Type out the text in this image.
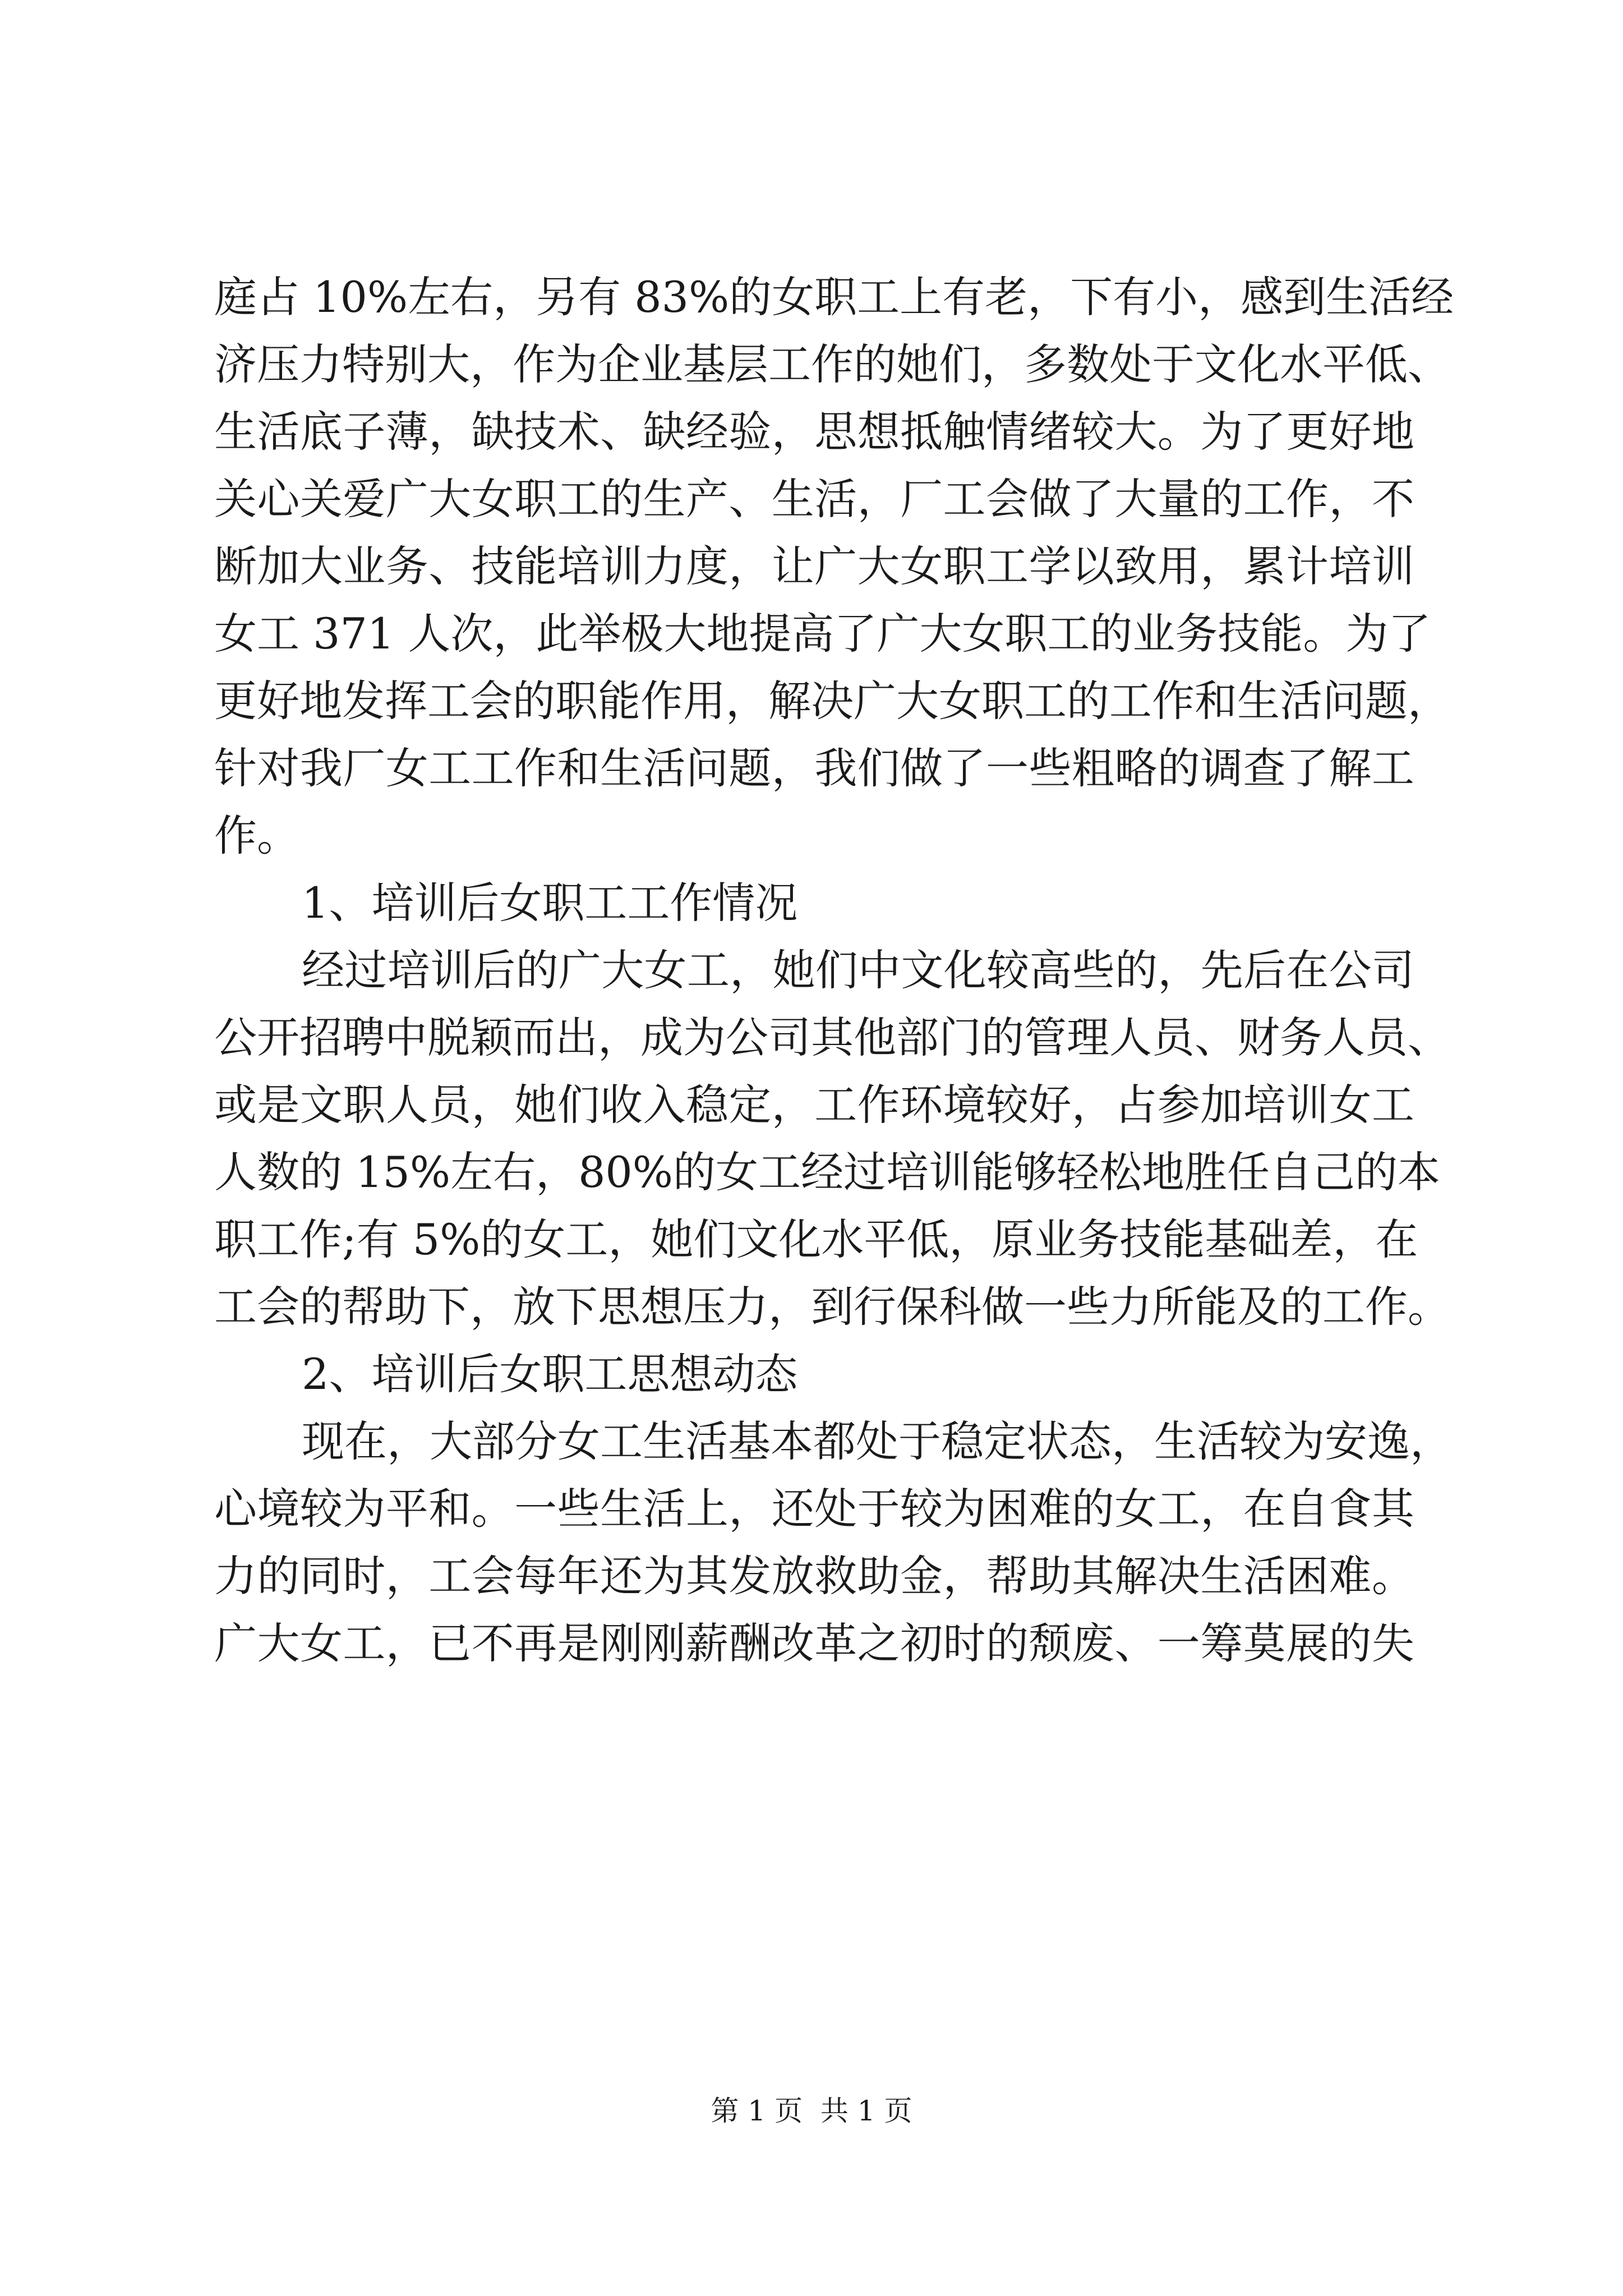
庭占 10%左右，另有 83%的女职工上有老，下有小，感到生活经
济压力特别大，作为企业基层工作的她们，多数处于文化水平低、
生活底子薄，缺技术、缺经验，思想抵触情绪较大。为了更好地
关心关爱广大女职工的生产、生活，厂工会做了大量的工作，不
断加大业务、技能培训力度，让广大女职工学以致用，累计培训
女工 371 人次，此举极大地提高了广大女职工的业务技能。为了
更好地发挥工会的职能作用，解决广大女职工的工作和生活问题，
针对我厂女工工作和生活问题，我们做了一些粗略的调查了解工
作。
1、培训后女职工工作情况
经过培训后的广大女工，她们中文化较高些的，先后在公司
公开招聘中脱颖而出，成为公司其他部门的管理人员、财务人员、
或是文职人员，她们收入稳定，工作环境较好，占参加培训女工
人数的 15%左右，80%的女工经过培训能够轻松地胜任自己的本
职工作;有 5%的女工，她们文化水平低，原业务技能基础差，在
工会的帮助下，放下思想压力，到行保科做一些力所能及的工作。
2、培训后女职工思想动态
现在，大部分女工生活基本都处于稳定状态，生活较为安逸，
心境较为平和。一些生活上，还处于较为困难的女工，在自食其
力的同时，工会每年还为其发放救助金，帮助其解决生活困难。
广大女工，已不再是刚刚薪酬改革之初时的颓废、一筹莫展的失
第 1 页  共 1 页
